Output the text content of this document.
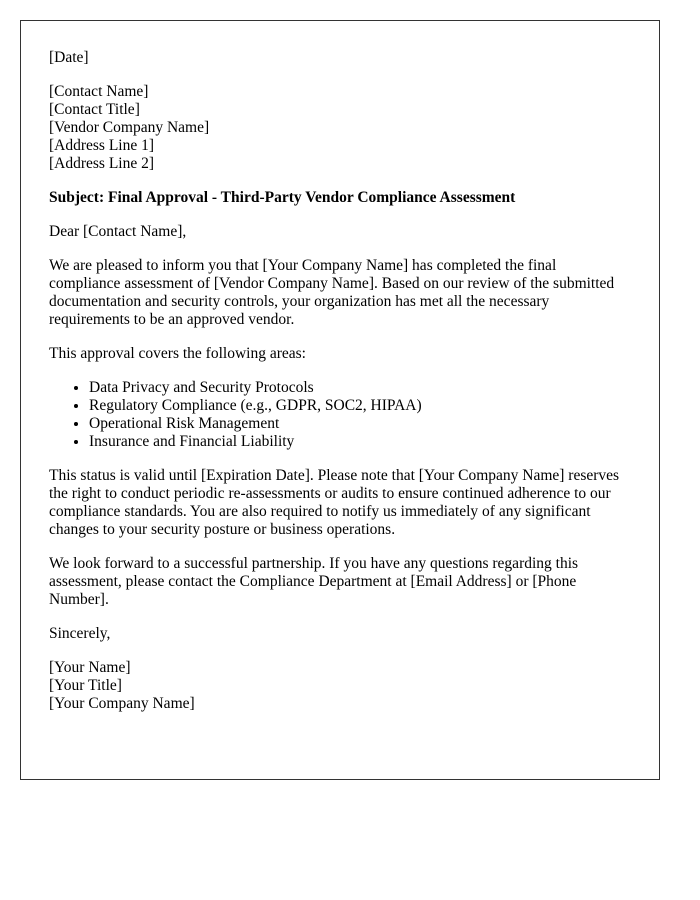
[Date]

[Contact Name]
[Contact Title]
[Vendor Company Name]
[Address Line 1]
[Address Line 2]

Subject: Final Approval - Third-Party Vendor Compliance Assessment

Dear [Contact Name],

We are pleased to inform you that [Your Company Name] has completed the final compliance assessment of [Vendor Company Name]. Based on our review of the submitted documentation and security controls, your organization has met all the necessary requirements to be an approved vendor.

This approval covers the following areas:

• Data Privacy and Security Protocols
• Regulatory Compliance (e.g., GDPR, SOC2, HIPAA)
• Operational Risk Management
• Insurance and Financial Liability

This status is valid until [Expiration Date]. Please note that [Your Company Name] reserves the right to conduct periodic re-assessments or audits to ensure continued adherence to our compliance standards. You are also required to notify us immediately of any significant changes to your security posture or business operations.

We look forward to a successful partnership. If you have any questions regarding this assessment, please contact the Compliance Department at [Email Address] or [Phone Number].

Sincerely,

[Your Name]
[Your Title]
[Your Company Name]
